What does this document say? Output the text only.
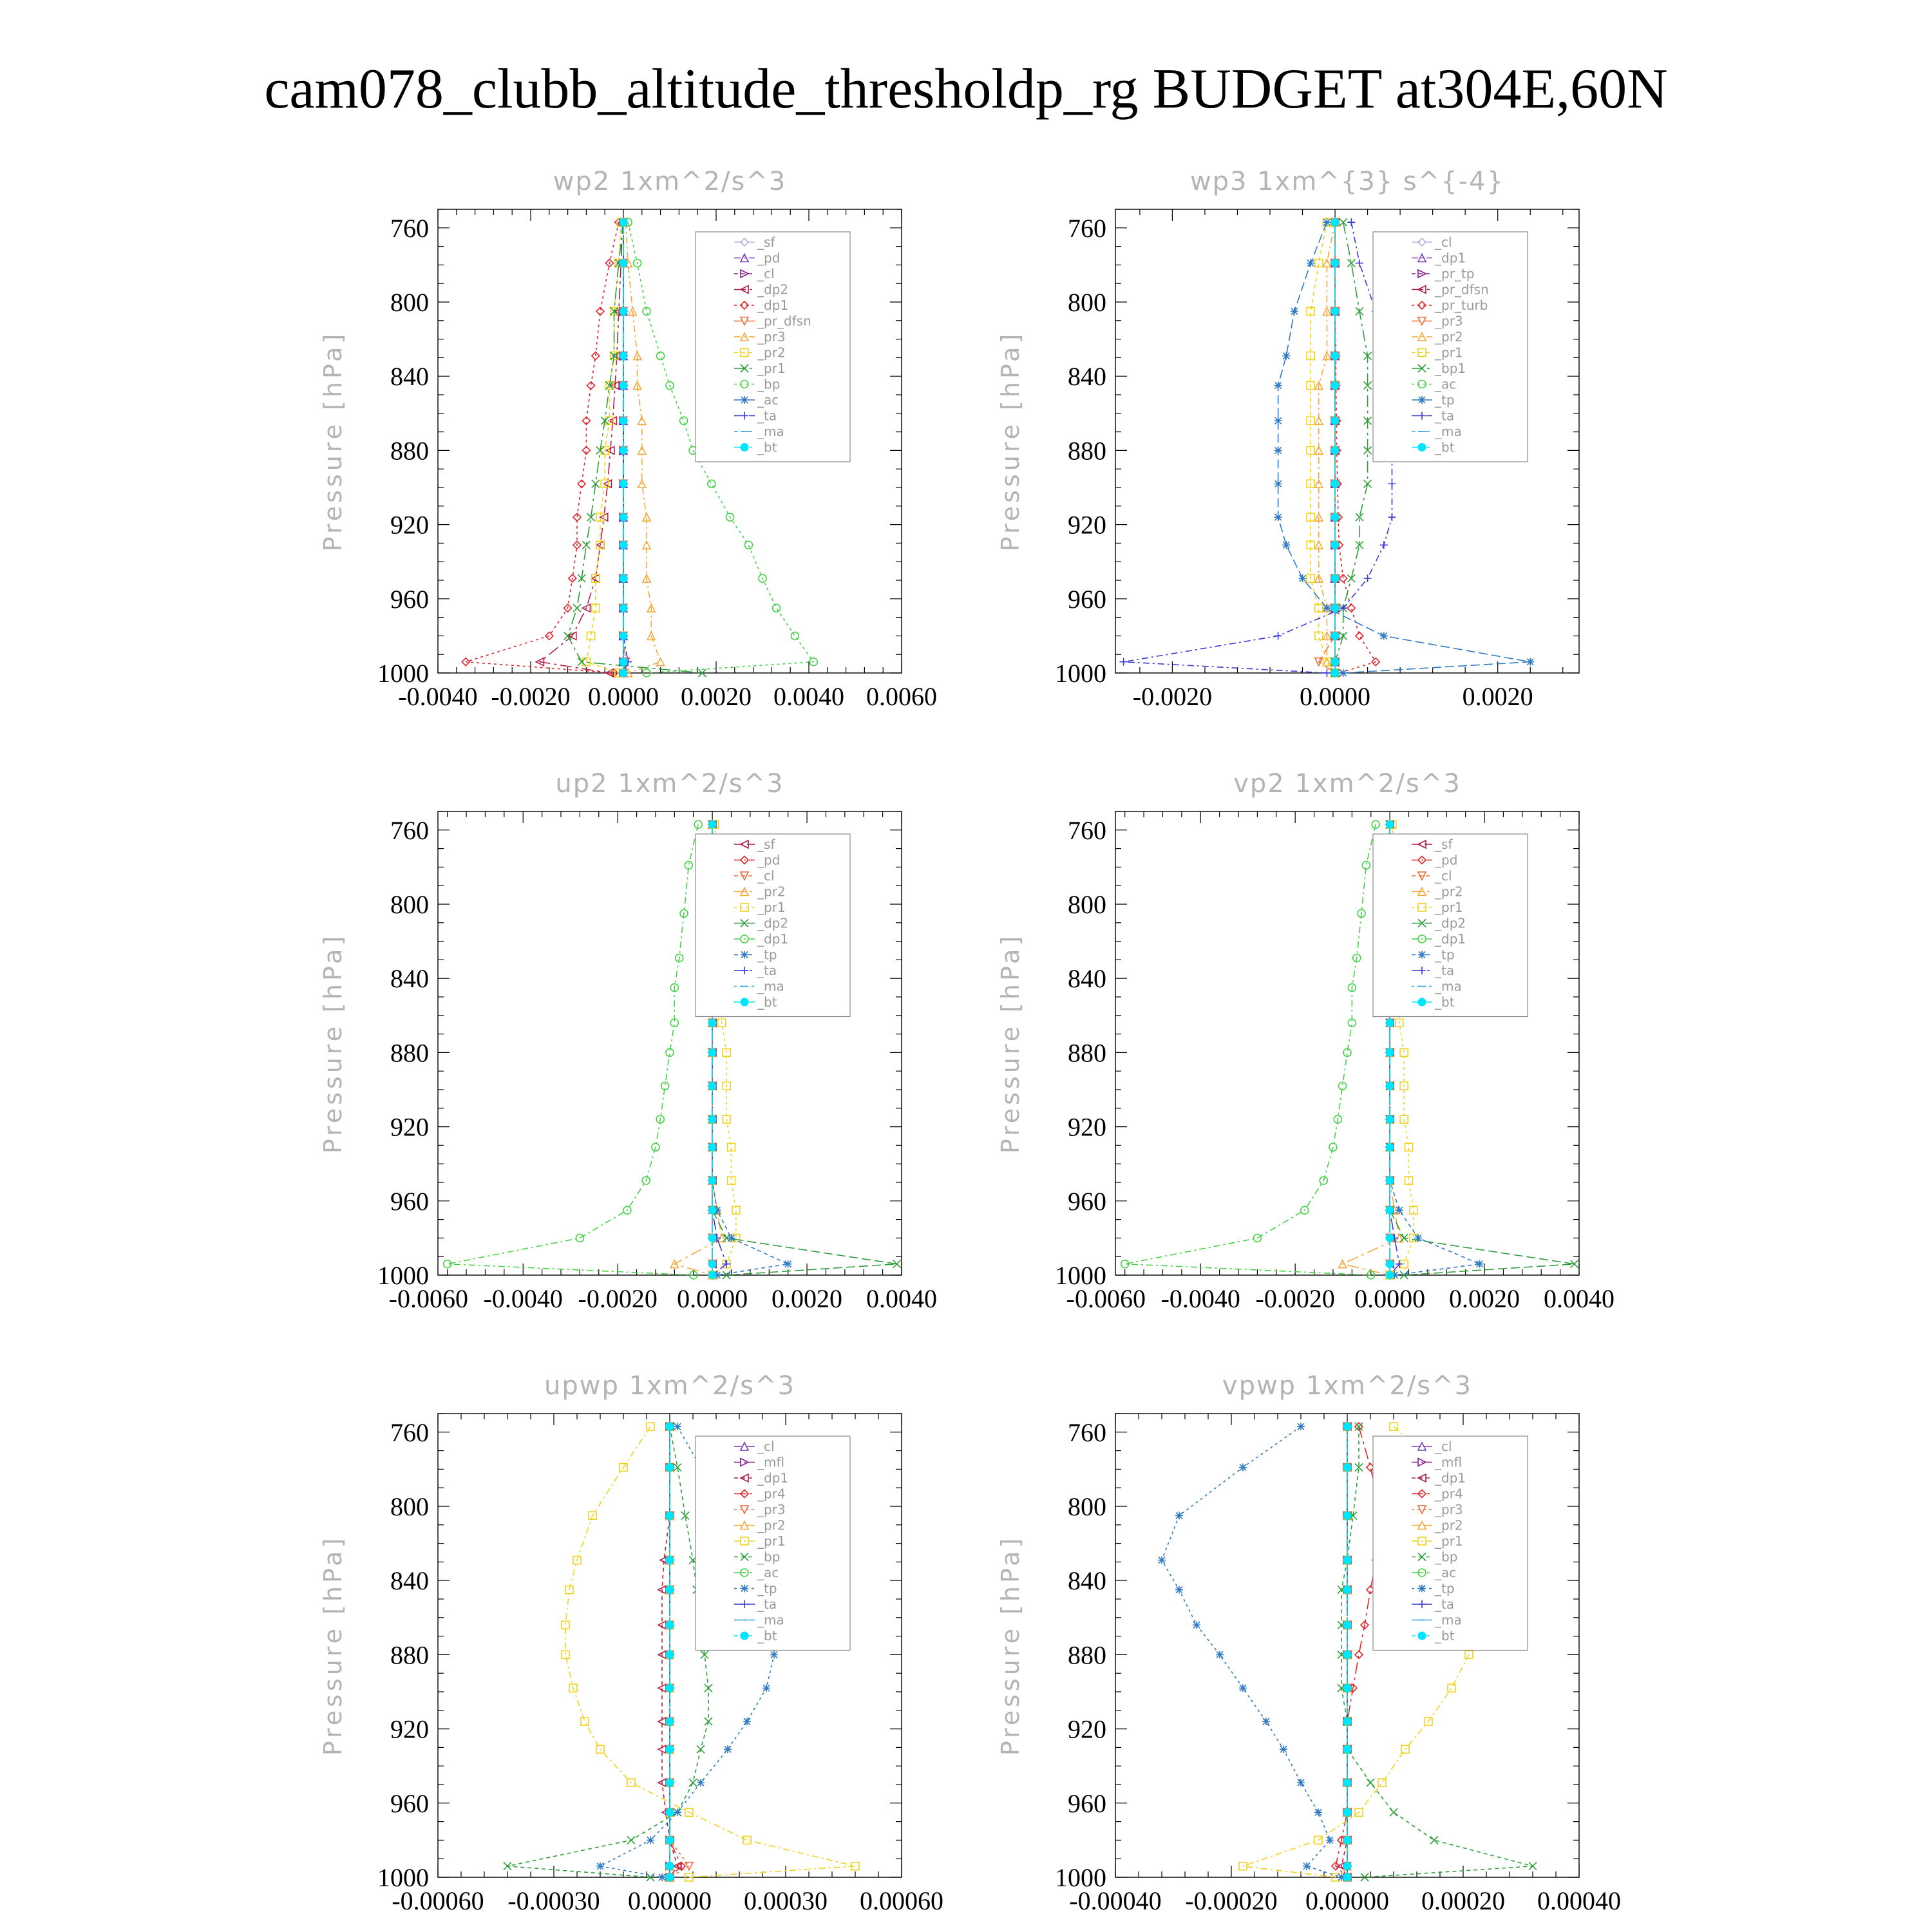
cam078_clubb_altitude_thresholdp_rg BUDGET at304E,60N
wp2 1xm^2/s^3
Pressure [hPa]
760
800
840
880
920
960
1000
-0.0040 -0.0020 0.0000 0.0020 0.0040 0.0060
_sf
_pd
_cl
_dp2
_dp1
_pr_dfsn
_pr3
_pr2
_pr1
_bp
_ac
_ta
_ma
_bt
wp3 1xm^{3} s^{-4}
Pressure [hPa]
760
800
840
880
920
960
1000
-0.0020	0.0000	0.0020
_cl
_dp1
_pr_tp
_pr_dfsn
_pr_turb
_pr3
_pr2
_pr1
_bp1
_ac
_tp
_ta
_ma
_bt
up2 1xm^2/s^3
Pressure [hPa]
760
800
840
880
920
960
1000
-0.0060 -0.0040 -0.0020 0.0000 0.0020 0.0040
_sf
_pd
_cl
_pr2
_pr1
_dp2
_dp1
_tp
_ta
_ma
_bt
vp2 1xm^2/s^3
Pressure [hPa]
760
800
840
880
920
960
1000
-0.0060 -0.0040 -0.0020 0.0000 0.0020 0.0040
_sf
_pd
_cl
_pr2
_pr1
_dp2
_dp1
_tp
_ta
_ma
_bt
upwp 1xm^2/s^3
Pressure [hPa]
760
800
840
880
920
960
1000
-0.00060 -0.00030 0.00000 0.00030 0.00060
_cl
_mfl
_dp1
_pr4
_pr3
_pr2
_pr1
_bp
_ac
_tp
_ta
_ma
_bt
vpwp 1xm^2/s^3
Pressure [hPa]
760
800
840
880
920
960
1000
-0.00040 -0.00020 0.00000 0.00020 0.00040
_cl
_mfl
_dp1
_pr4
_pr3
_pr2
_pr1
_bp
_ac
_tp
_ta
_ma
_bt
